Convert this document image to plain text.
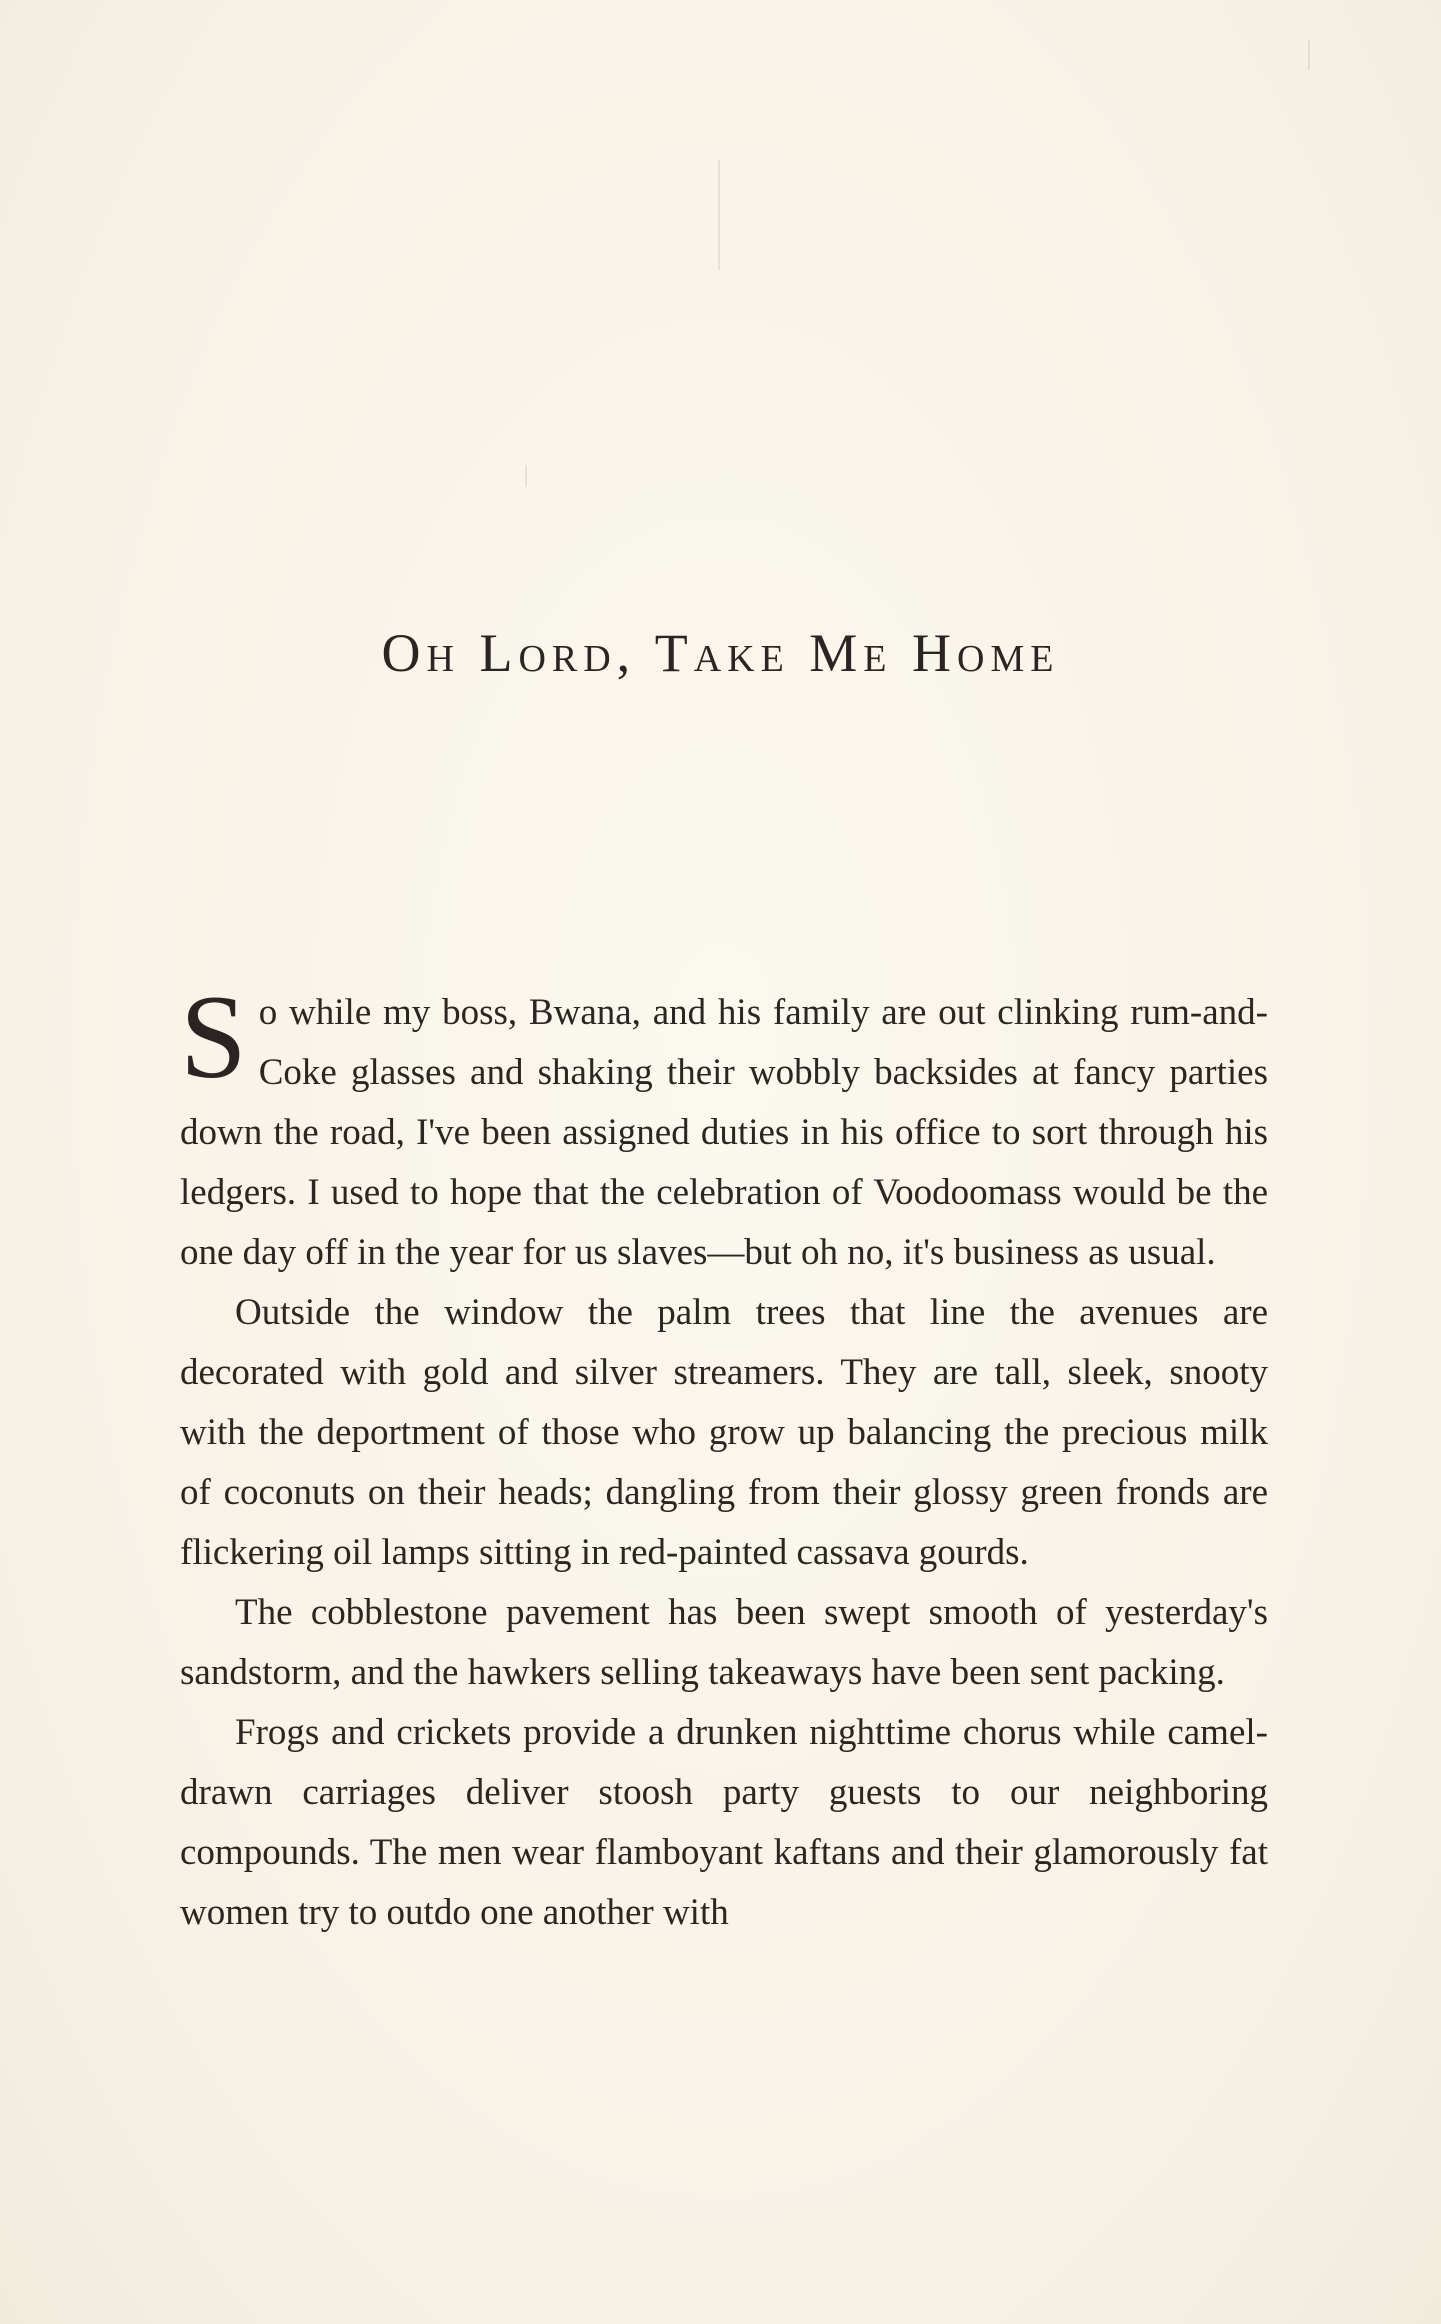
Oh Lord, Take Me Home

So while my boss, Bwana, and his family are out clinking rum-and-Coke glasses and shaking their wobbly backsides at fancy parties down the road, I've been assigned duties in his office to sort through his ledgers. I used to hope that the celebration of Voodoomass would be the one day off in the year for us slaves—but oh no, it's business as usual.

Outside the window the palm trees that line the avenues are decorated with gold and silver streamers. They are tall, sleek, snooty with the deportment of those who grow up balancing the precious milk of coconuts on their heads; dangling from their glossy green fronds are flickering oil lamps sitting in red-painted cassava gourds.

The cobblestone pavement has been swept smooth of yesterday's sandstorm, and the hawkers selling takeaways have been sent packing.

Frogs and crickets provide a drunken nighttime chorus while camel-drawn carriages deliver stoosh party guests to our neighboring compounds. The men wear flamboyant kaftans and their glamorously fat women try to outdo one another with
